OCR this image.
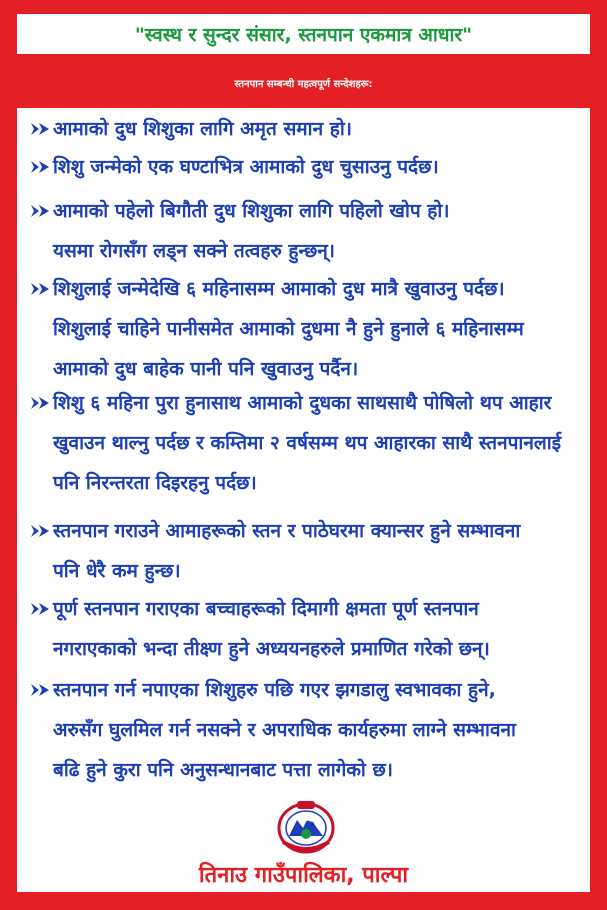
"स्वस्थ र सुन्दर संसार, स्तनपान एकमात्र आधार"
स्तनपान सम्बन्धी महत्वपूर्ण सन्देशहरू:
आमाको दुध शिशुका लागि अमृत समान हो।
शिशु जन्मेको एक घण्टाभित्र आमाको दुध चुसाउनु पर्दछ।
आमाको पहेलो बिगौती दुध शिशुका लागि पहिलो खोप हो।
यसमा रोगसँग लड्न सक्ने तत्वहरु हुन्छन्।
शिशुलाई जन्मेदेखि ६ महिनासम्म आमाको दुध मात्रै खुवाउनु पर्दछ।
शिशुलाई चाहिने पानीसमेत आमाको दुधमा नै हुने हुनाले ६ महिनासम्म
आमाको दुध बाहेक पानी पनि खुवाउनु पर्दैन।
शिशु ६ महिना पुरा हुनासाथ आमाको दुधका साथसाथै पोषिलो थप आहार
खुवाउन थाल्नु पर्दछ र कम्तिमा २ वर्षसम्म थप आहारका साथै स्तनपानलाई
पनि निरन्तरता दिइरहनु पर्दछ।
स्तनपान गराउने आमाहरूको स्तन र पाठेघरमा क्यान्सर हुने सम्भावना
पनि धेरै कम हुन्छ।
पूर्ण स्तनपान गराएका बच्चाहरूको दिमागी क्षमता पूर्ण स्तनपान
नगराएकाको भन्दा तीक्ष्ण हुने अध्ययनहरुले प्रमाणित गरेको छन्।
स्तनपान गर्न नपाएका शिशुहरु पछि गएर झगडालु स्वभावका हुने,
अरुसँग घुलमिल गर्न नसक्ने र अपराधिक कार्यहरुमा लाग्ने सम्भावना
बढि हुने कुरा पनि अनुसन्धानबाट पत्ता लागेको छ।
तिनाउ गाउँपालिका, पाल्पा
